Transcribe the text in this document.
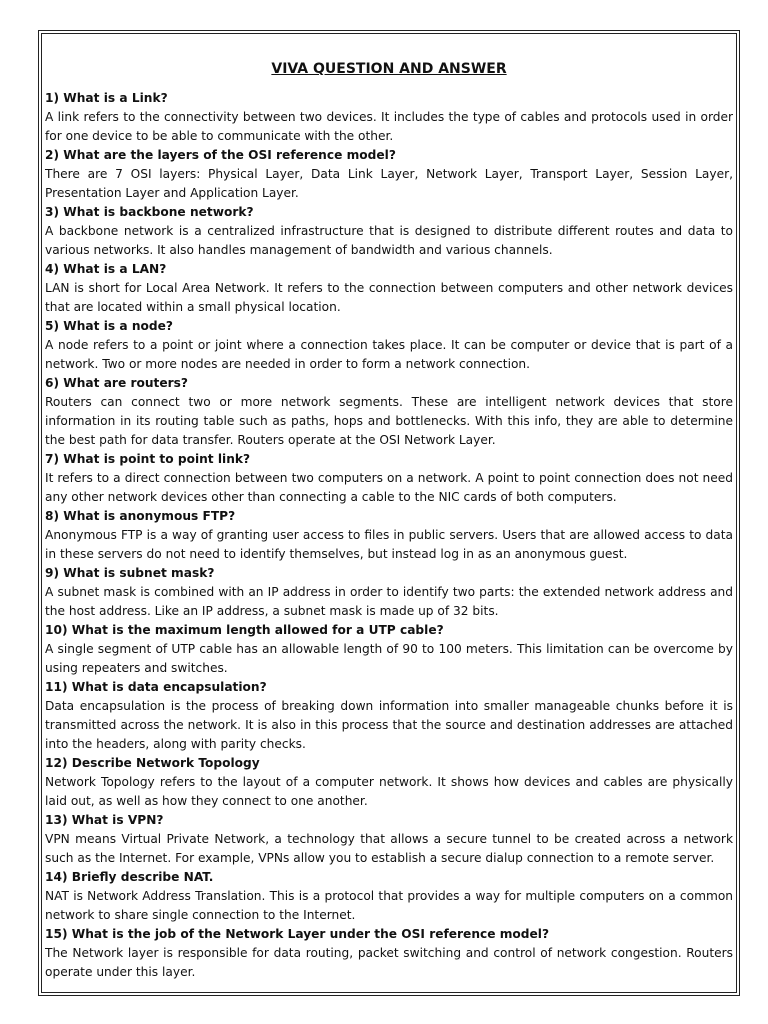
VIVA QUESTION AND ANSWER

1) What is a Link?

A link refers to the connectivity between two devices. It includes the type of cables and protocols used in order for one device to be able to communicate with the other.

2) What are the layers of the OSI reference model?

There are 7 OSI layers: Physical Layer, Data Link Layer, Network Layer, Transport Layer, Session Layer, Presentation Layer and Application Layer.

3) What is backbone network?

A backbone network is a centralized infrastructure that is designed to distribute different routes and data to various networks. It also handles management of bandwidth and various channels.

4) What is a LAN?

LAN is short for Local Area Network. It refers to the connection between computers and other network devices that are located within a small physical location.

5) What is a node?

A node refers to a point or joint where a connection takes place. It can be computer or device that is part of a network. Two or more nodes are needed in order to form a network connection.

6) What are routers?

Routers can connect two or more network segments. These are intelligent network devices that store information in its routing table such as paths, hops and bottlenecks. With this info, they are able to determine the best path for data transfer. Routers operate at the OSI Network Layer.

7) What is point to point link?

It refers to a direct connection between two computers on a network. A point to point connection does not need any other network devices other than connecting a cable to the NIC cards of both computers.

8) What is anonymous FTP?

Anonymous FTP is a way of granting user access to files in public servers. Users that are allowed access to data in these servers do not need to identify themselves, but instead log in as an anonymous guest.

9) What is subnet mask?

A subnet mask is combined with an IP address in order to identify two parts: the extended network address and the host address. Like an IP address, a subnet mask is made up of 32 bits.

10) What is the maximum length allowed for a UTP cable?

A single segment of UTP cable has an allowable length of 90 to 100 meters. This limitation can be overcome by using repeaters and switches.

11) What is data encapsulation?

Data encapsulation is the process of breaking down information into smaller manageable chunks before it is transmitted across the network. It is also in this process that the source and destination addresses are attached into the headers, along with parity checks.

12) Describe Network Topology

Network Topology refers to the layout of a computer network. It shows how devices and cables are physically laid out, as well as how they connect to one another.

13) What is VPN?

VPN means Virtual Private Network, a technology that allows a secure tunnel to be created across a network such as the Internet. For example, VPNs allow you to establish a secure dialup connection to a remote server.

14) Briefly describe NAT.

NAT is Network Address Translation. This is a protocol that provides a way for multiple computers on a common network to share single connection to the Internet.

15) What is the job of the Network Layer under the OSI reference model?

The Network layer is responsible for data routing, packet switching and control of network congestion. Routers operate under this layer.
